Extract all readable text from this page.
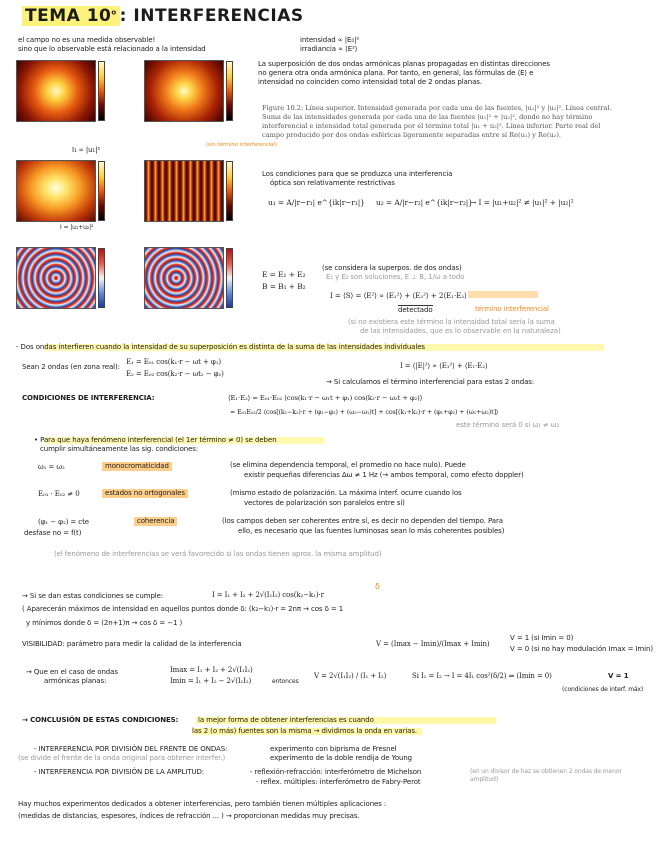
TEMA 10$^o$ : INTERFERENCIAS
el campo no es una medida observable!
sino que lo observable está relacionado a la intensidad
intensidad ∝ |E₀|²
irradiancia ∝ ⟨E²⟩
I₁ ∝ |u₁|²
(sin término interferencial)
I = |u₁+u₂|²
La superposición de dos ondas armónicas planas propagadas en distintas direcciones
no genera otra onda armónica plana. Por tanto, en general, las fórmulas de ⟨E⟩ e
intensidad no coinciden como intensidad total de 2 ondas planas.
Figure 10.2: Línea superior. Intensidad generada por cada una de las fuentes, |u₁|² y |u₂|². Línea central. Suma de las intensidades generada por cada una de las fuentes |u₁|² + |u₂|², donde no hay término interferencial e intensidad total generada por el término total |u₁ + u₂|². Línea inferior. Parte real del campo producido por dos ondas esféricas ligeramente separadas entre sí Re(u₁) y Re(u₂).
Los condiciones para que se produzca una interferencia
óptica son relativamente restrictivas
u₁ = A/|r−r₁| e^{ik|r−r₁|} u₂ = A/|r−r₂| e^{ik|r−r₂|}
→ I = |u₁+u₂|² ≠ |u₁|² + |u₂|²
E = E₁ + E₂
B = B₁ + B₂
(se considera la superpos. de dos ondas)
E₁ y E₂ son soluciones, E ⊥ B, 1/ω a todo
I = ⟨S⟩ = ⟨E²⟩ ∝ ⟨E₁²⟩ + ⟨E₂²⟩ + 2⟨E₁·E₂⟩
detectado	término interferencial
(si no existiera este término la intensidad total sería la suma
de las intensidades, que es lo observable en la naturaleza)
- Dos ondas interfieren cuando la intensidad de su superposición es distinta de la suma de las intensidades individuales
Sean 2 ondas (en zona real):
E₁ = E₀₁ cos(k₁·r − ωt + φ₁)
E₂ = E₀₂ cos(k₂·r − ωt₂ − φ₂)
I = ⟨|E|²⟩ ∝ ⟨E₁²⟩ + ⟨E₁·E₂⟩
→ Si calculamos el término interferencial para estas 2 ondas:
CONDICIONES DE INTERFERENCIA:	⟨E₁·E₂⟩ = E₀₁·E₀₂ ⟨cos(k₁·r − ω₁t + φ₁) cos(k₂·r − ω₂t + φ₂)⟩
= E₀₁E₀₂/2 ⟨cos[(k₁−k₂)·r + (φ₁−φ₂) + (ω₂−ω₁)t] + cos[(k₁+k₂)·r + (φ₁+φ₂) + (ω₁+ω₂)t]⟩
este término será 0 si ω₁ ≠ ω₂
• Para que haya fenómeno interferencial (el 1er término ≠ 0) se deben
cumplir simultáneamente las sig. condiciones:
ω₁ = ω₂	monocromaticidad	(se elimina dependencia temporal, el promedio no hace nulo). Puede
existir pequeñas diferencias Δω ≠ 1 Hz (→ ambos temporal, como efecto doppler)
E₀₁ · E₀₂ ≠ 0	estados no ortogonales	(mismo estado de polarización. La máxima interf. ocurre cuando los
vectores de polarización son paralelos entre sí)
(φ₁ − φ₂) = cte
desfase no = f(t)
coherencia	(los campos deben ser coherentes entre sí, es decir no dependen del tiempo. Para
ello, es necesario que las fuentes luminosas sean lo más coherentes posibles)
(el fenómeno de interferencias se verá favorecido si las ondas tienen aprox. la misma amplitud)
→ Si se dan estas condiciones se cumple:	I = I₁ + I₂ + 2√(I₁I₂) cos(k₂−k₁)·r
δ
( Aparecerán máximos de intensidad en aquellos puntos donde δ: (k₂−k₁)·r = 2nπ → cos δ = 1
y mínimos donde δ = (2n+1)π → cos δ = −1 )
VISIBILIDAD: parámetro para medir la calidad de la interferencia	V = (Imax − Imin)/(Imax + Imin)
V = 1 (si Imin = 0)
V = 0 (si no hay modulación Imax = Imin)
→ Que en el caso de ondas
armónicas planas:
Imax = I₁ + I₂ + 2√(I₁I₂)
Imin = I₁ + I₂ − 2√(I₁I₂)	entonces
V = 2√(I₁I₂) / (I₁ + I₂)	Si I₁ = I₂ → I = 4I₁ cos²(δ/2) ⇒ (Imin = 0)	V = 1
(condiciones de interf. máx)
→ CONCLUSIÓN DE ESTAS CONDICIONES:	la mejor forma de obtener interferencias es cuando
las 2 (o más) fuentes son la misma → dividimos la onda en varias.
- INTERFERENCIA POR DIVISIÓN DEL FRENTE DE ONDAS:	experimento con biprisma de Fresnel
(se divide el frente de la onda original para obtener interfer.)	experimento de la doble rendija de Young
- INTERFERENCIA POR DIVISIÓN DE LA AMPLITUD:	- reflexión-refracción: interferómetro de Michelson	(en un divisor de haz se obtienen 2 ondas de menor amplitud)
- reflex. múltiples: interferómetro de Fabry-Perot
Hay muchos experimentos dedicados a obtener interferencias, pero también tienen múltiples aplicaciones :
(medidas de distancias, espesores, índices de refracción ... ) → proporcionan medidas muy precisas.
